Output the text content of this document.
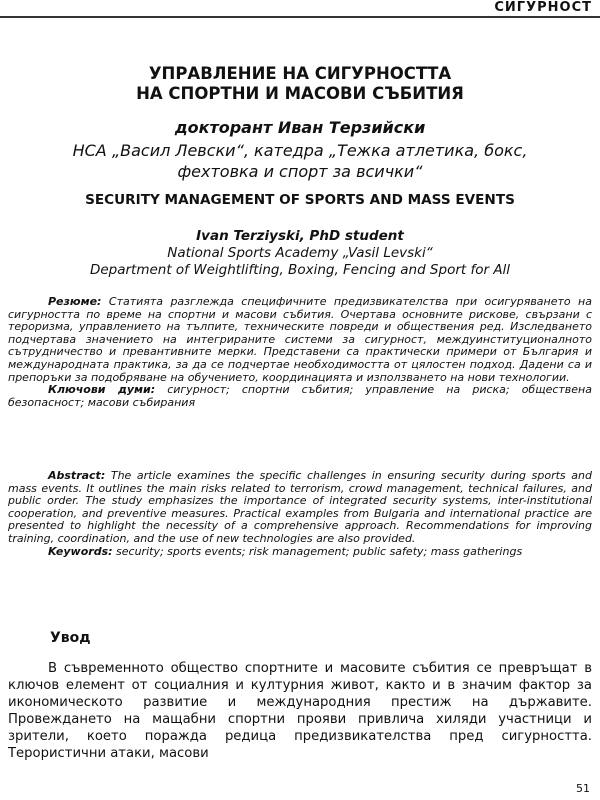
СИГУРНОСТ
УПРАВЛЕНИЕ НА СИГУРНОСТТА
НА СПОРТНИ И МАСОВИ СЪБИТИЯ
докторант Иван Терзийски
НСА „Васил Левски“, катедра „Тежка атлетика, бокс,
фехтовка и спорт за всички“
SECURITY MANAGEMENT OF SPORTS AND MASS EVENTS
Ivan Terziyski, PhD student
National Sports Academy „Vasil Levski“
Department of Weightlifting, Boxing, Fencing and Sport for All

Резюме: Статията разглежда специфичните предизвикателства при осигуряването на сигурността по време на спортни и масови събития. Очертава основните рискове, свързани с тероризма, управлението на тълпите, техническите повреди и обществения ред. Изследването подчертава значението на интегрираните системи за сигурност, междуинституционалното сътрудничество и превантивните мерки. Представени са практически примери от България и международната практика, за да се подчертае необходимостта от цялостен подход. Дадени са и препоръки за подобряване на обучението, координацията и използването на нови технологии.

Ключови думи: сигурност; спортни събития; управление на риска; обществена безопасност; масови събирания

Abstract: The article examines the specific challenges in ensuring security during sports and mass events. It outlines the main risks related to terrorism, crowd management, technical failures, and public order. The study emphasizes the importance of integrated security systems, inter-institutional cooperation, and preventive measures. Practical examples from Bulgaria and international practice are presented to highlight the necessity of a comprehensive approach. Recommendations for improving training, coordination, and the use of new technologies are also provided.

Keywords: security; sports events; risk management; public safety; mass gatherings

Увод

В съвременното общество спортните и масовите събития се превръщат в ключов елемент от социалния и културния живот, както и в значим фактор за икономическото развитие и международния престиж на държавите. Провеждането на мащабни спортни прояви привлича хиляди участници и зрители, което поражда редица предизвикателства пред сигурността. Терористични атаки, масови

51
